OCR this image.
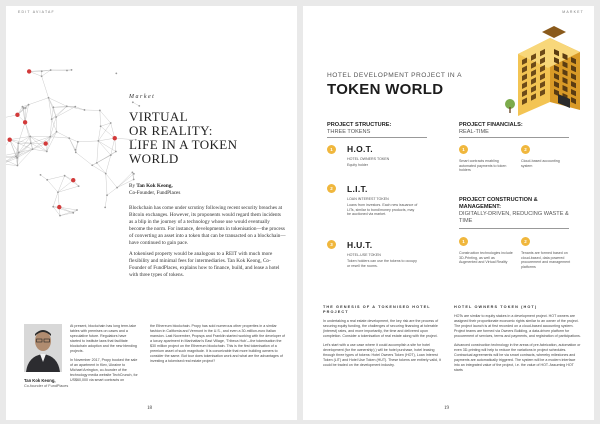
EDIT AVIATAF
Market
VIRTUAL
OR REALITY:
LIFE IN A TOKEN
WORLD
By Tan Kok Keong,
Co-Founder, FundPlaces

Blockchain has come under scrutiny following recent security breaches at Bitcoin exchanges. However, its proponents would regard them incidents as a blip in the journey of a technology whose use would eventually become the norm. For instance, developments in tokenisation—the process of converting an asset into a token that can be transacted on a blockchain—have continued to gain pace.

A tokenised property would be analogous to a REIT with much more flexibility and minimal fees for intermediaries. Tan Kok Keong, Co-Founder of FundPlaces, explains how to finance, build, and lease a hotel with three types of tokens.

Tan Kok Keong,
Co-founder of FundPlaces

At present, blockchain has long term-take tables with premises on cases and a speculative future. Regulators have started to institute laws that facilitate blockchain adoption and the new blending projects.

In November 2017, Propy booked the sale of an apartment in Kiev, Ukraine to Michael Arrington, co-founder of the technology media website TechCrunch, for US$60,000 via smart contracts on

the Ethereum blockchain. Propy has sold numerous other properties in a similar fashion in California and Vermont in the U.S., and even a 30-million-euro Italian mansion. Last November, Propsys and Franklin started working with the developer of a luxury apartment in Manhattan's East Village, 'Tribeca Hub'—the tokenisation the $30 million project on the Ethereum blockchain. This is the first tokenisation of a premium asset of such magnitude. It is conceivable that more building owners to consider the same. But tour does tokenisation work and what are the advantages of investing a tokenised real estate project?

18
MARKET
HOTEL DEVELOPMENT PROJECT IN A
TOKEN WORLD
PROJECT STRUCTURE:
THREE TOKENS
1	H.O.T.
HOTEL OWNERS TOKEN
Equity holder
2	L.I.T.
LOAN INTEREST TOKEN
Loans from investors. Each new issuance of LITs, similar to bond/money products, may be auctioned via market.
3	H.U.T.
HOTEL-USE TOKEN
Token holders can use the tokens to occupy or resell the rooms.
PROJECT FINANCIALS:
REAL-TIME
1
Smart contracts enabling automated payments to token holders
2
Cloud-based accounting system
PROJECT CONSTRUCTION & MANAGEMENT:
DIGITALLY-DRIVEN, REDUCING WASTE & TIME
1
Construction technologies include 3D-Printing, as well as Augmented and Virtual Reality
2
Tenants are formed based on cloud-based, data powered procurement and management platforms
THE GENESIS OF A TOKENISED HOTEL PROJECT

In undertaking a real estate development, the key risk are the process of securing equity funding, the challenges of securing financing at tolerable (interest) rates, and more importantly, the time and delivered upon completion. Consider a tokenisation of real estate along with the project.

Let's start with a use case where it could accomplish a site for hotel development (for the ownership) ) will be hotel purchase, hotel leasing through three types of tokens: Hotel Owners Token (HOT), Loan Interest Token (LIT) and Hotel Use Token (HUT). These tokens are entirely valid, it could be traded on the development industry.

HOTEL OWNERS TOKEN (HOT)

HOTs are similar to equity stakes in a development project. HOT owners are assigned their proportionate economic rights similar to an owner of the project. The project launch is at first recorded on a cloud-based accounting system. Project teams are formed via Owners Building, a data-driven platform for procurement of services, terms and payments, and registration of participations.

Advanced construction technology in the areas of pre-fabrication, automation or even 3D-printing will help to reduce the variations in project schedules. Contractual agreements will be via smart contracts, whereby milestones and payments are automatically triggered. The system will be a modern interface into an integrated value of the project, i.e. the value of HOT. Assuming HOT starts

19
